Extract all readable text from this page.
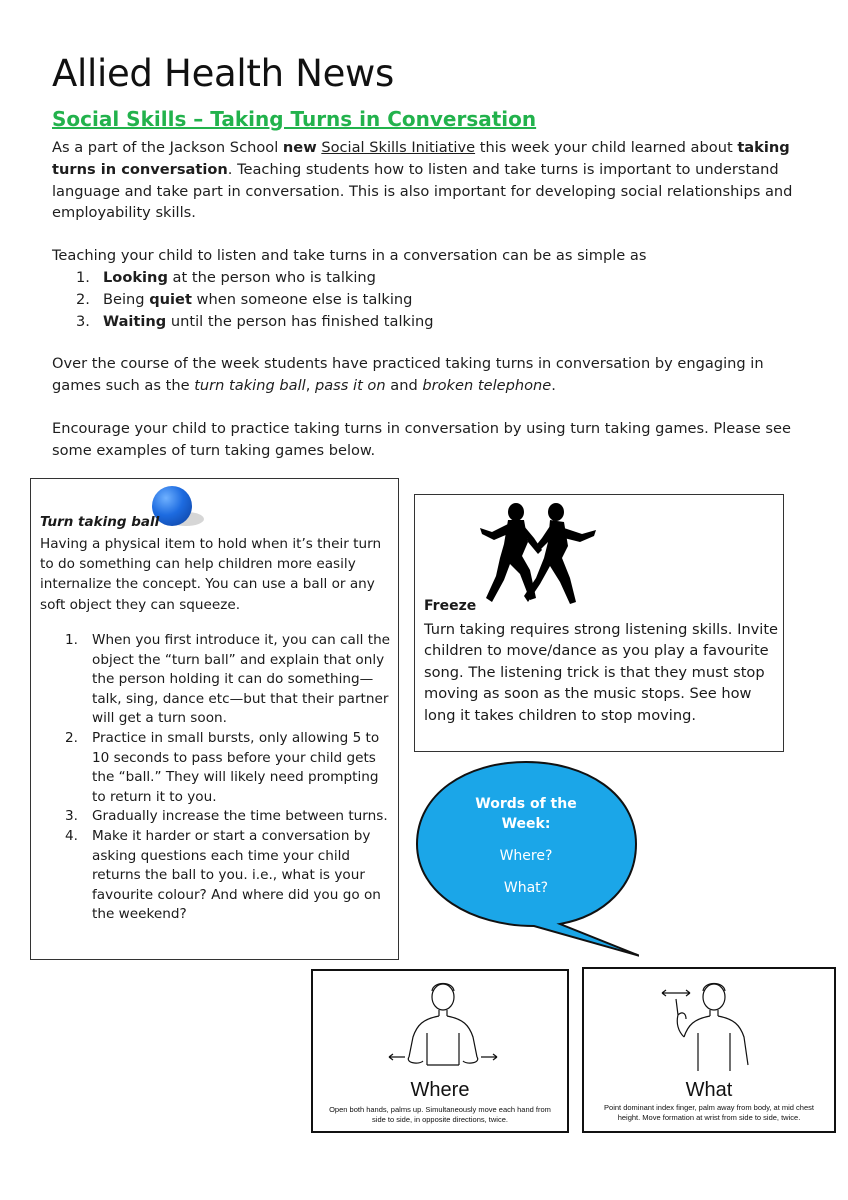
Allied Health News
Social Skills – Taking Turns in Conversation

As a part of the Jackson School new Social Skills Initiative this week your child learned about taking turns in conversation. Teaching students how to listen and take turns is important to understand language and take part in conversation. This is also important for developing social relationships and employability skills.

Teaching your child to listen and take turns in a conversation can be as simple as

1. Looking at the person who is talking
2. Being quiet when someone else is talking
3. Waiting until the person has finished talking

Over the course of the week students have practiced taking turns in conversation by engaging in games such as the turn taking ball, pass it on and broken telephone.

Encourage your child to practice taking turns in conversation by using turn taking games. Please see some examples of turn taking games below.

Turn taking ball

Having a physical item to hold when it’s their turn to do something can help children more easily internalize the concept. You can use a ball or any soft object they can squeeze.

1. When you first introduce it, you can call the object the “turn ball” and explain that only the person holding it can do something—talk, sing, dance etc—but that their partner will get a turn soon.
2. Practice in small bursts, only allowing 5 to 10 seconds to pass before your child gets the “ball.” They will likely need prompting to return it to you.
3. Gradually increase the time between turns.
4. Make it harder or start a conversation by asking questions each time your child returns the ball to you. i.e., what is your favourite colour? And where did you go on the weekend?
Freeze

Turn taking requires strong listening skills. Invite children to move/dance as you play a favourite song. The listening trick is that they must stop moving as soon as the music stops. See how long it takes children to stop moving.

Words of the
Week:
Where?
What?
Where
Open both hands, palms up. Simultaneously move each hand from
side to side, in opposite directions, twice.
What
Point dominant index finger, palm away from body, at mid chest
height. Move formation at wrist from side to side, twice.
